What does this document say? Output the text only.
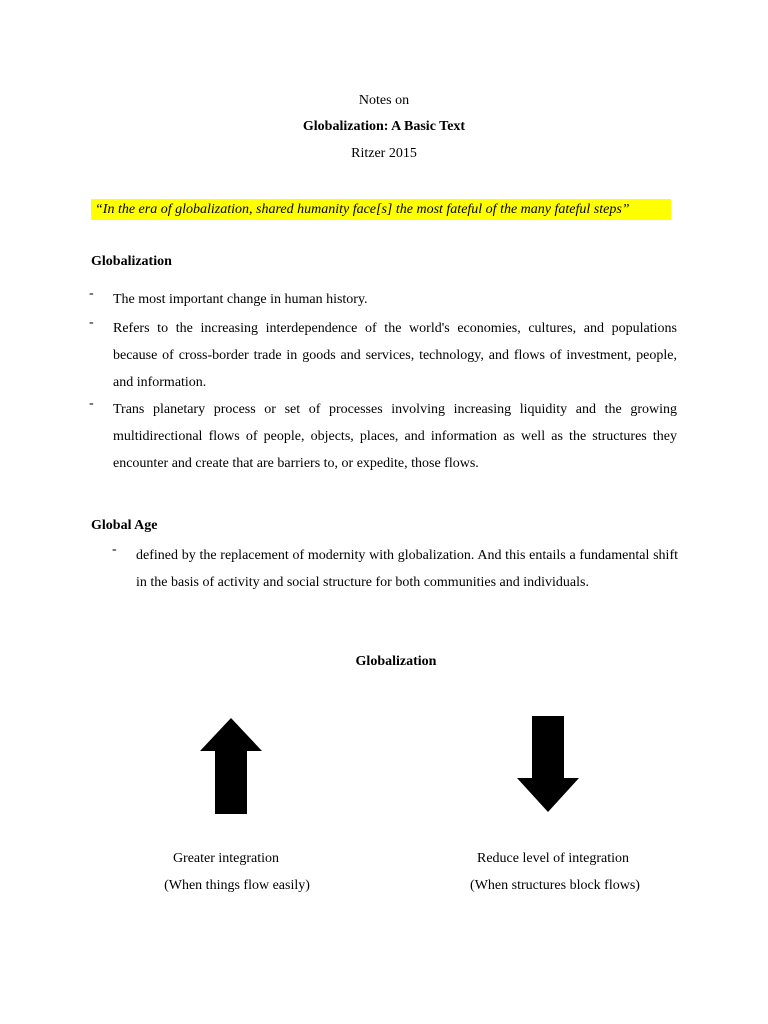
Notes on
Globalization: A Basic Text
Ritzer 2015
“In the era of globalization, shared humanity face[s] the most fateful of the many fateful steps”
Globalization
- The most important change in human history.
- Refers to the increasing interdependence of the world's economies, cultures, and populations because of cross-border trade in goods and services, technology, and flows of investment, people, and information.
- Trans planetary process or set of processes involving increasing liquidity and the growing multidirectional flows of people, objects, places, and information as well as the structures they encounter and create that are barriers to, or expedite, those flows.
Global Age
- defined by the replacement of modernity with globalization. And this entails a fundamental shift in the basis of activity and social structure for both communities and individuals.
Globalization
Greater integration
(When things flow easily)
Reduce level of integration
(When structures block flows)
